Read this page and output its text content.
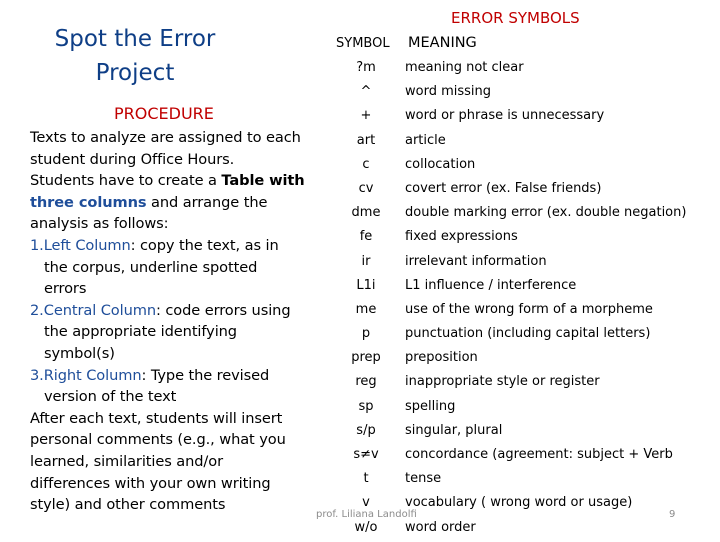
Spot the Error
Project
PROCEDURE
Texts to analyze are assigned to each
student during Office Hours.
Students have to create a Table with
three columns and arrange the
analysis as follows:
1.Left Column: copy the text, as in
the corpus, underline spotted
errors
2.Central Column: code errors using
the appropriate identifying
symbol(s)
3.Right Column: Type the revised
version of the text
After each text, students will insert
personal comments (e.g., what you
learned, similarities and/or
differences with your own writing
style) and other comments
ERROR SYMBOLS
SYMBOL MEANING
?m
^
+
art
c
cv
dme
fe
ir
L1i
me
p
prep
reg
sp
s/p
s≠v
t
v
w/o
meaning not clear
word missing
word or phrase is unnecessary
article
collocation
covert error (ex. False friends)
double marking error (ex. double negation)
fixed expressions
irrelevant information
L1 influence / interference
use of the wrong form of a morpheme
punctuation (including capital letters)
preposition
inappropriate style or register
spelling
singular, plural
concordance (agreement: subject + Verb
tense
vocabulary ( wrong word or usage)
word order
prof. Liliana Landolfi	9
